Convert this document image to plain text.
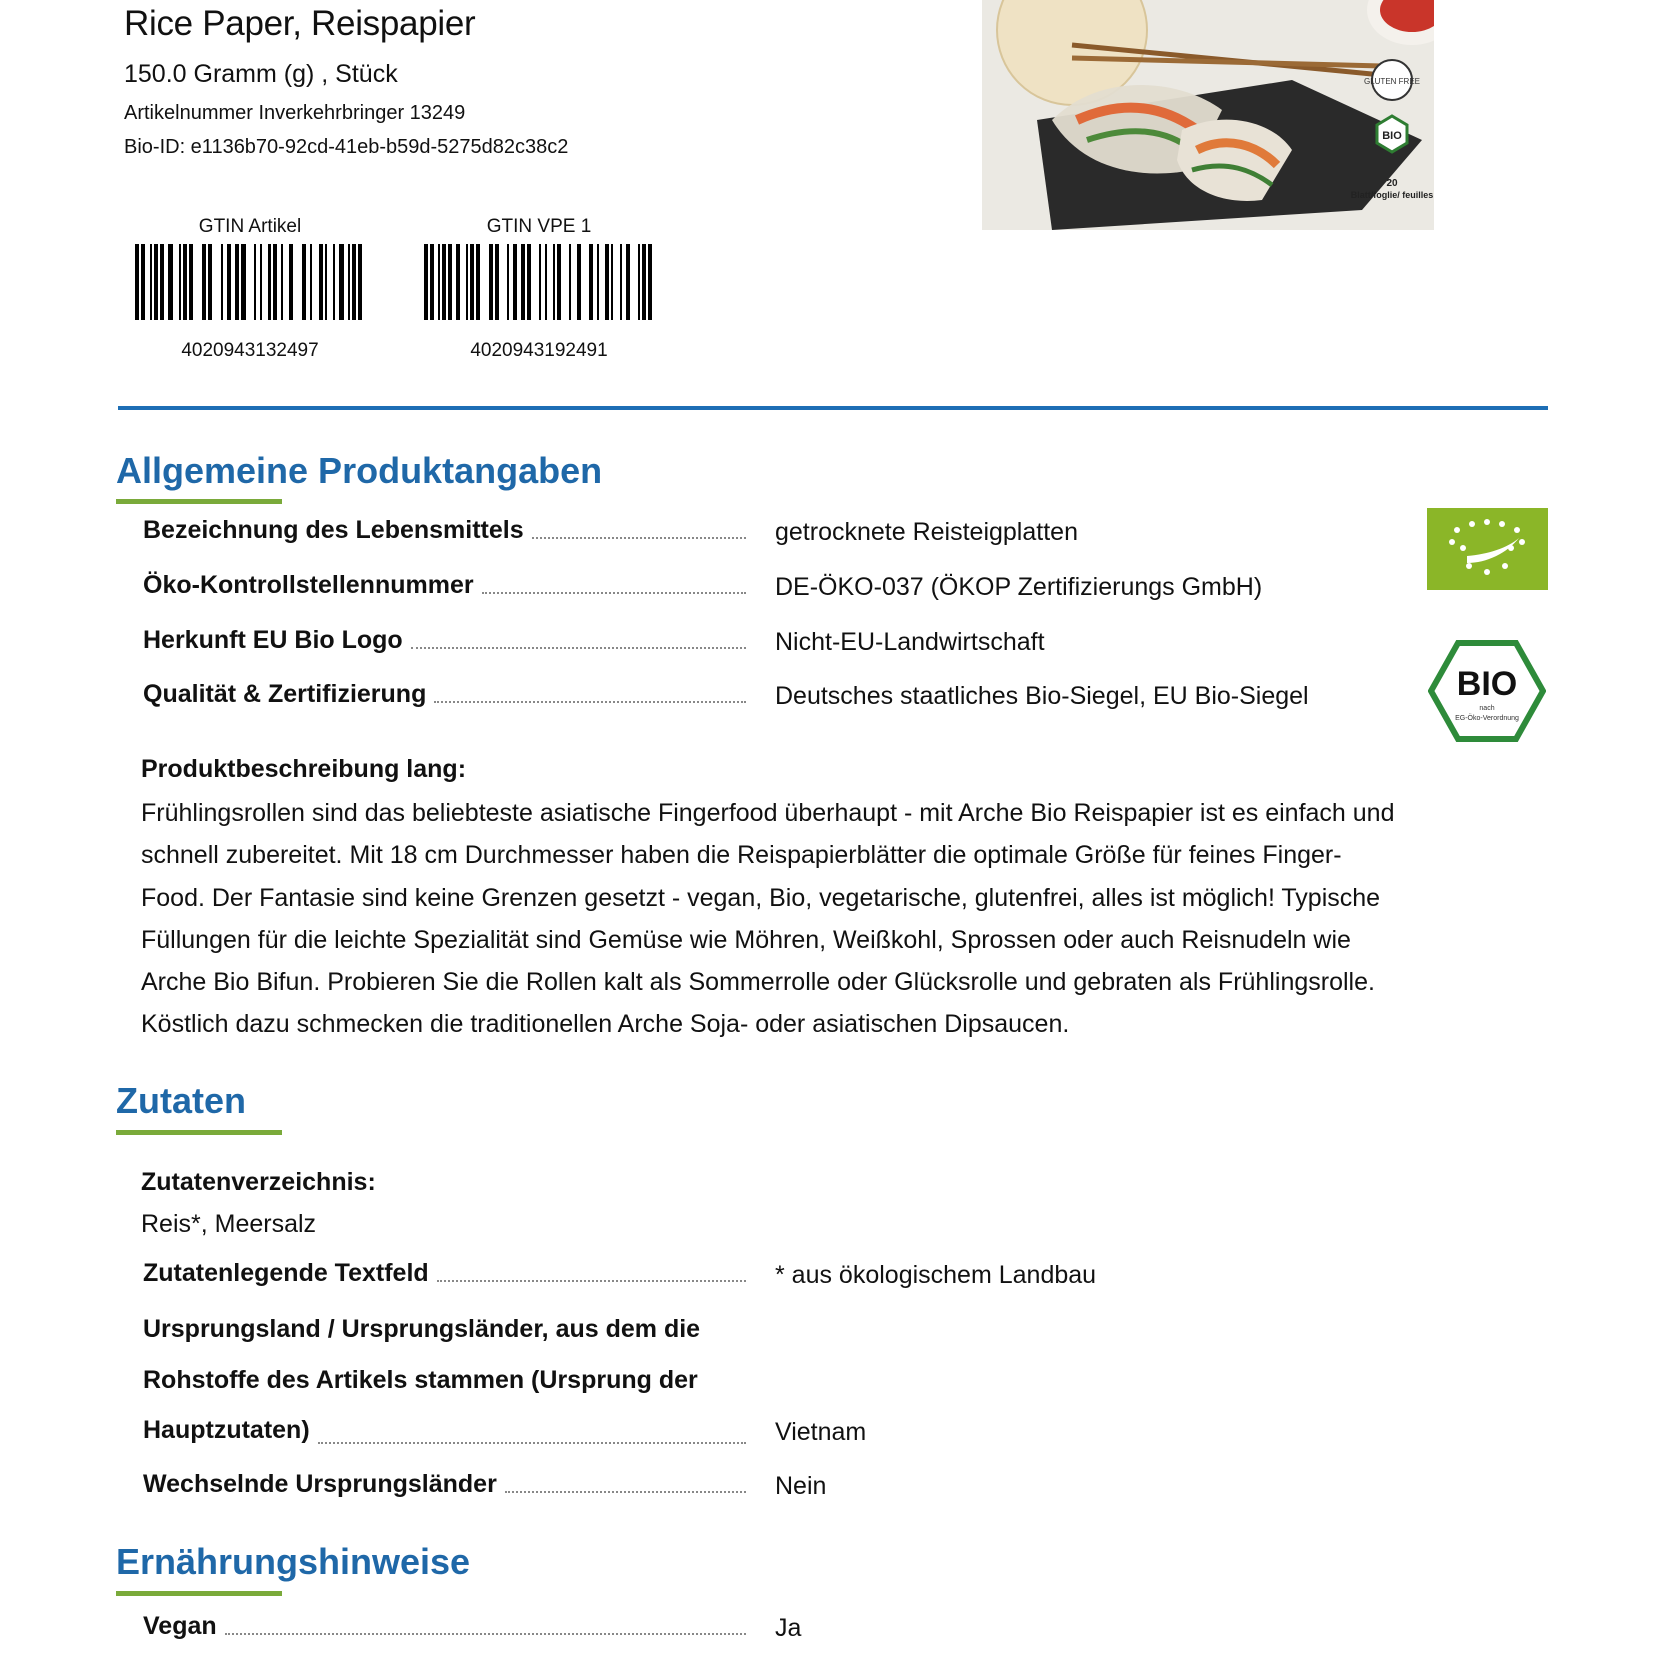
Rice Paper, Reispapier
150.0 Gramm (g) , Stück
Artikelnummer Inverkehrbringer 13249
Bio-ID: e1136b70-92cd-41eb-b59d-5275d82c38c2
GTIN Artikel
4020943132497
GTIN VPE 1
4020943192491
GLUTEN FREE
BIO
20
Blatt/foglie/ feuilles
Allgemeine Produktangaben
Bezeichnung des Lebensmittels	getrocknete Reisteigplatten
Öko-Kontrollstellennummer	DE-ÖKO-037 (ÖKOP Zertifizierungs GmbH)
Herkunft EU Bio Logo	Nicht-EU-Landwirtschaft
Qualität & Zertifizierung	Deutsches staatliches Bio-Siegel, EU Bio-Siegel	BIO
nach
EG-Öko-Verordnung
Produktbeschreibung lang:
Frühlingsrollen sind das beliebteste asiatische Fingerfood überhaupt - mit Arche Bio Reispapier ist es einfach und schnell zubereitet. Mit 18 cm Durchmesser haben die Reispapierblätter die optimale Größe für feines Finger-Food. Der Fantasie sind keine Grenzen gesetzt - vegan, Bio, vegetarische, glutenfrei, alles ist möglich! Typische Füllungen für die leichte Spezialität sind Gemüse wie Möhren, Weißkohl, Sprossen oder auch Reisnudeln wie Arche Bio Bifun. Probieren Sie die Rollen kalt als Sommerrolle oder Glücksrolle und gebraten als Frühlingsrolle. Köstlich dazu schmecken die traditionellen Arche Soja- oder asiatischen Dipsaucen.
Zutaten
Zutatenverzeichnis:
Reis*, Meersalz
Zutatenlegende Textfeld	* aus ökologischem Landbau
Ursprungsland / Ursprungsländer, aus dem die
Rohstoffe des Artikels stammen (Ursprung der
Hauptzutaten)	Vietnam
Wechselnde Ursprungsländer	Nein
Ernährungshinweise
Vegan	Ja
